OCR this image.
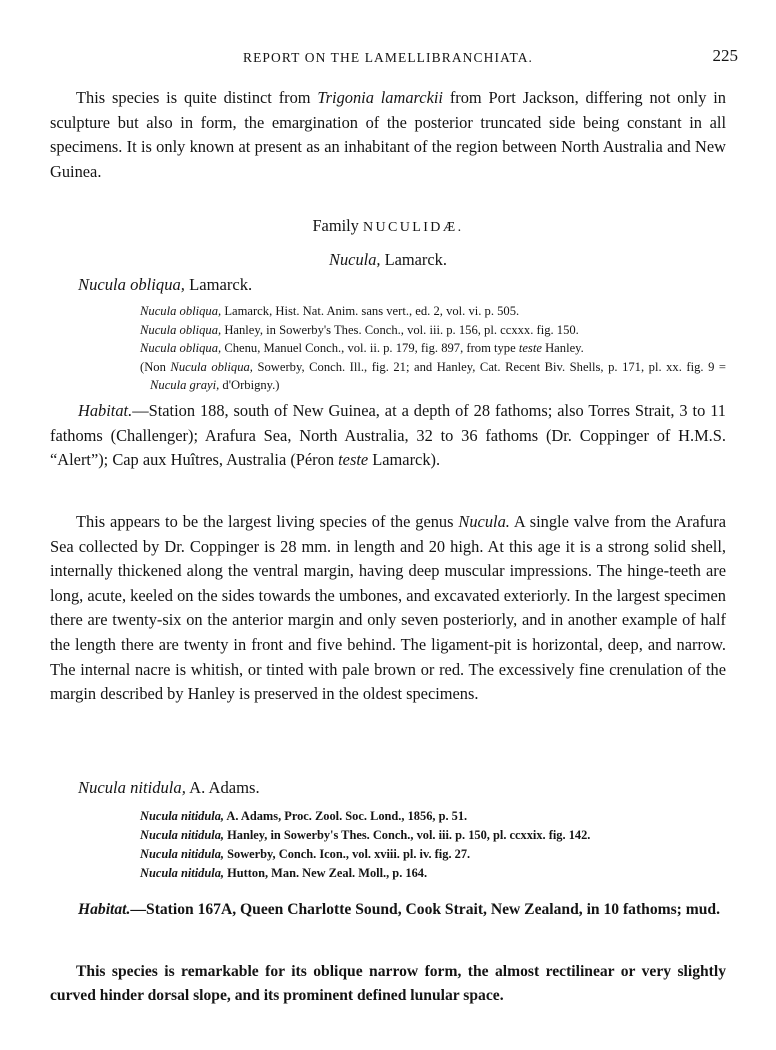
REPORT ON THE LAMELLIBRANCHIATA.	225

This species is quite distinct from Trigonia lamarckii from Port Jackson, differing not only in sculpture but also in form, the emargination of the posterior truncated side being constant in all specimens. It is only known at present as an inhabitant of the region between North Australia and New Guinea.

Family NUCULIDÆ.
Nucula, Lamarck.
Nucula obliqua, Lamarck.
Nucula obliqua, Lamarck, Hist. Nat. Anim. sans vert., ed. 2, vol. vi. p. 505.
Nucula obliqua, Hanley, in Sowerby's Thes. Conch., vol. iii. p. 156, pl. ccxxx. fig. 150.
Nucula obliqua, Chenu, Manuel Conch., vol. ii. p. 179, fig. 897, from type teste Hanley.
(Non Nucula obliqua, Sowerby, Conch. Ill., fig. 21; and Hanley, Cat. Recent Biv. Shells, p. 171, pl. xx. fig. 9 = Nucula grayi, d'Orbigny.)

Habitat.—Station 188, south of New Guinea, at a depth of 28 fathoms; also Torres Strait, 3 to 11 fathoms (Challenger); Arafura Sea, North Australia, 32 to 36 fathoms (Dr. Coppinger of H.M.S. “Alert”); Cap aux Huîtres, Australia (Péron teste Lamarck).

This appears to be the largest living species of the genus Nucula. A single valve from the Arafura Sea collected by Dr. Coppinger is 28 mm. in length and 20 high. At this age it is a strong solid shell, internally thickened along the ventral margin, having deep muscular impressions. The hinge-teeth are long, acute, keeled on the sides towards the umbones, and excavated exteriorly. In the largest specimen there are twenty-six on the anterior margin and only seven posteriorly, and in another example of half the length there are twenty in front and five behind. The ligament-pit is horizontal, deep, and narrow. The internal nacre is whitish, or tinted with pale brown or red. The excessively fine crenulation of the margin described by Hanley is preserved in the oldest specimens.

Nucula nitidula, A. Adams.
Nucula nitidula, A. Adams, Proc. Zool. Soc. Lond., 1856, p. 51.
Nucula nitidula, Hanley, in Sowerby's Thes. Conch., vol. iii. p. 150, pl. ccxxix. fig. 142.
Nucula nitidula, Sowerby, Conch. Icon., vol. xviii. pl. iv. fig. 27.
Nucula nitidula, Hutton, Man. New Zeal. Moll., p. 164.

Habitat.—Station 167A, Queen Charlotte Sound, Cook Strait, New Zealand, in 10 fathoms; mud.

This species is remarkable for its oblique narrow form, the almost rectilinear or very slightly curved hinder dorsal slope, and its prominent defined lunular space.
